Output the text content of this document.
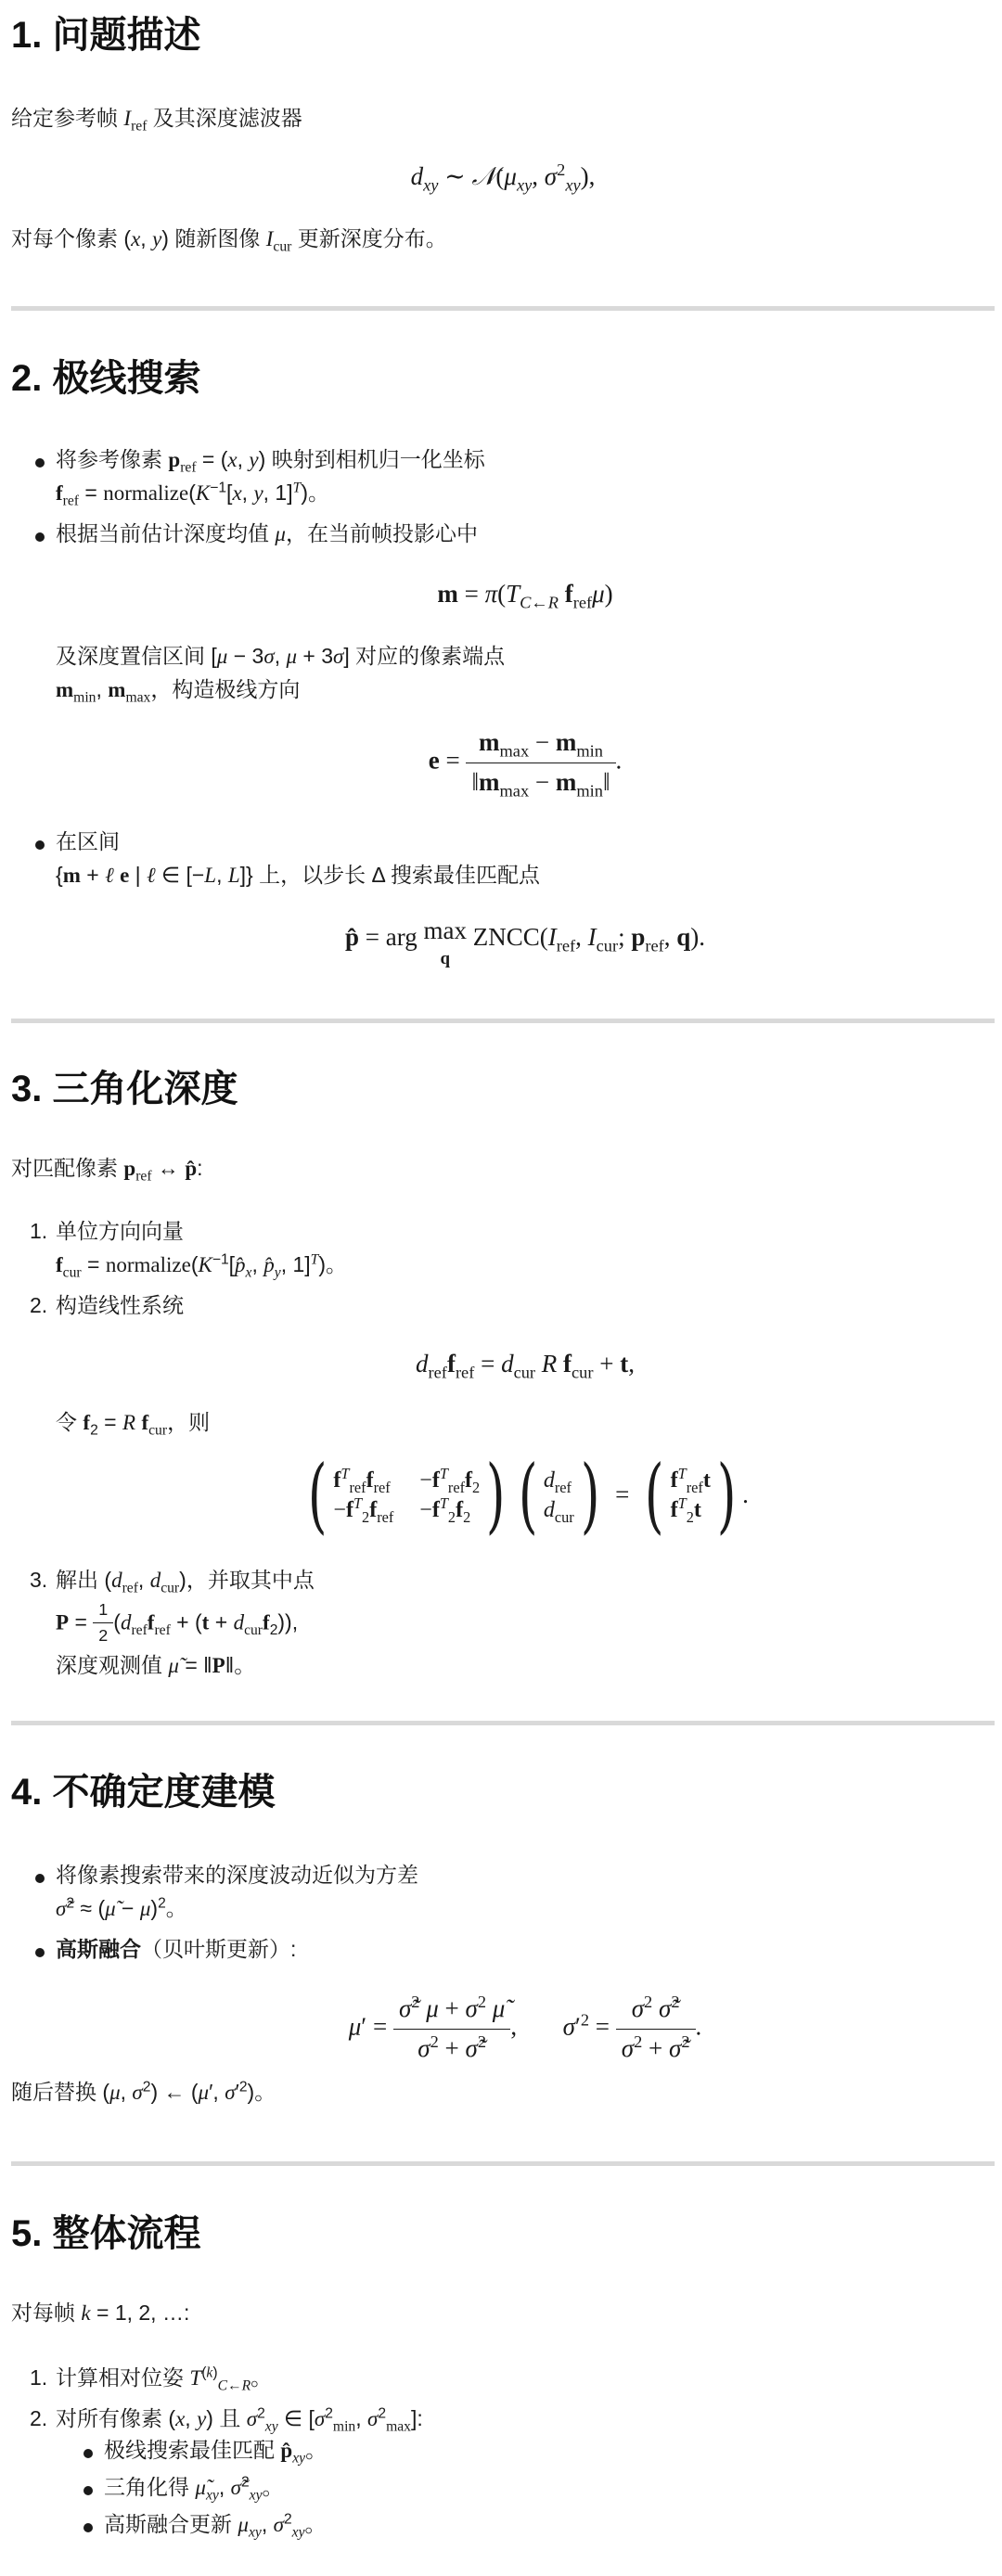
1. 问题描述
给定参考帧 $I_{ref}$ 及其深度滤波器
$d_{xy}$ ∼ $𝒩(\mu_{xy}$, $\sigma^2_{xy}$),
对每个像素 (x, y) 随新图像 $I_{cur}$ 更新深度分布。
2. 极线搜索
将参考像素 $p_{ref} = (x$, y) 映射到相机归一化坐标
$f_{ref}$ = $normalize(K^{-1}[x$, y, 1]$^T$)。
根据当前估计深度均值 μ，在当前帧投影心中
$m = \pi(T_{C\leftarrow R}$ $f_{ref}\mu$)
及深度置信区间 [μ − 3σ, μ + 3σ] 对应的像素端点
$m_{min}$, $m_{max}$，构造极线方向
$e = \frac{m_{max} - m_{min}}{‖m_{max} - m_{min}‖}$ .
在区间
{m + ℓ e | ℓ ∈ [−L, L]} 上，以步长 Δ 搜索最佳匹配点
p̂ = arg max
q $ZNCC(I_{ref}$, $I_{cur}$; $p_{ref}$, q).
3. 三角化深度
对匹配像素 $p_{ref}$ ↔ p̂:
1. 单位方向向量
$f_{cur}$ = $normalize(K^{-1}[p̂_x$, $p̂_y$, 1]$^T$)。
2. 构造线性系统
$d_{ref}f_{ref} = d_{cur}$ R $f_{cur} + t$,
令 $f_2 = R$ $f_{cur}$，则
( $f^T_{ref}f_{ref} -f^T_{ref}f_2$
$-f^T_2f_{ref} -f^T_2f_2$ ) ( $d_{ref}$
$d_{cur}$ ) = ( $f^T_{ref}t$
$f^T_2t$ ) .
3. 解出 ($d_{ref}$, $d_{cur}$)，并取其中点
$P = \frac{1}{2} (d_{ref}f_{ref} + (t + d_{cur}f_2))$,
深度观测值 μ̃ = ‖P‖。
4. 不确定度建模
将像素搜索带来的深度波动近似为方差
σ̃$^2$ ≈ (μ̃ − μ)$^2$。
高斯融合（贝叶斯更新）:
$\mu' = \frac{\sigmã^2 \mu + \sigma^2 \mũ}{\sigma^2 + \sigmã^2}$ ,  $\sigma'^2 = \frac{\sigma^2 \sigmã^2}{\sigma^2 + \sigmã^2}$ .
随后替换 (μ, $\sigma^2$) ← (μ′, $\sigma'^2$)。
5. 整体流程
对每帧 k = 1, 2, …:
1. 计算相对位姿 $T^{(k)}_{C\leftarrow R}$。
2. 对所有像素 (x, y) 且 $\sigma^2_{xy}$ ∈ [$\sigma^2_{min}$, $\sigma^2_{max}$]:
极线搜索最佳匹配 $p̂_{xy}$。
三角化得 $\mũ_{xy}$, σ̃$^2_{xy}$。
高斯融合更新 $\mu_{xy}$, $\sigma^2_{xy}$。
